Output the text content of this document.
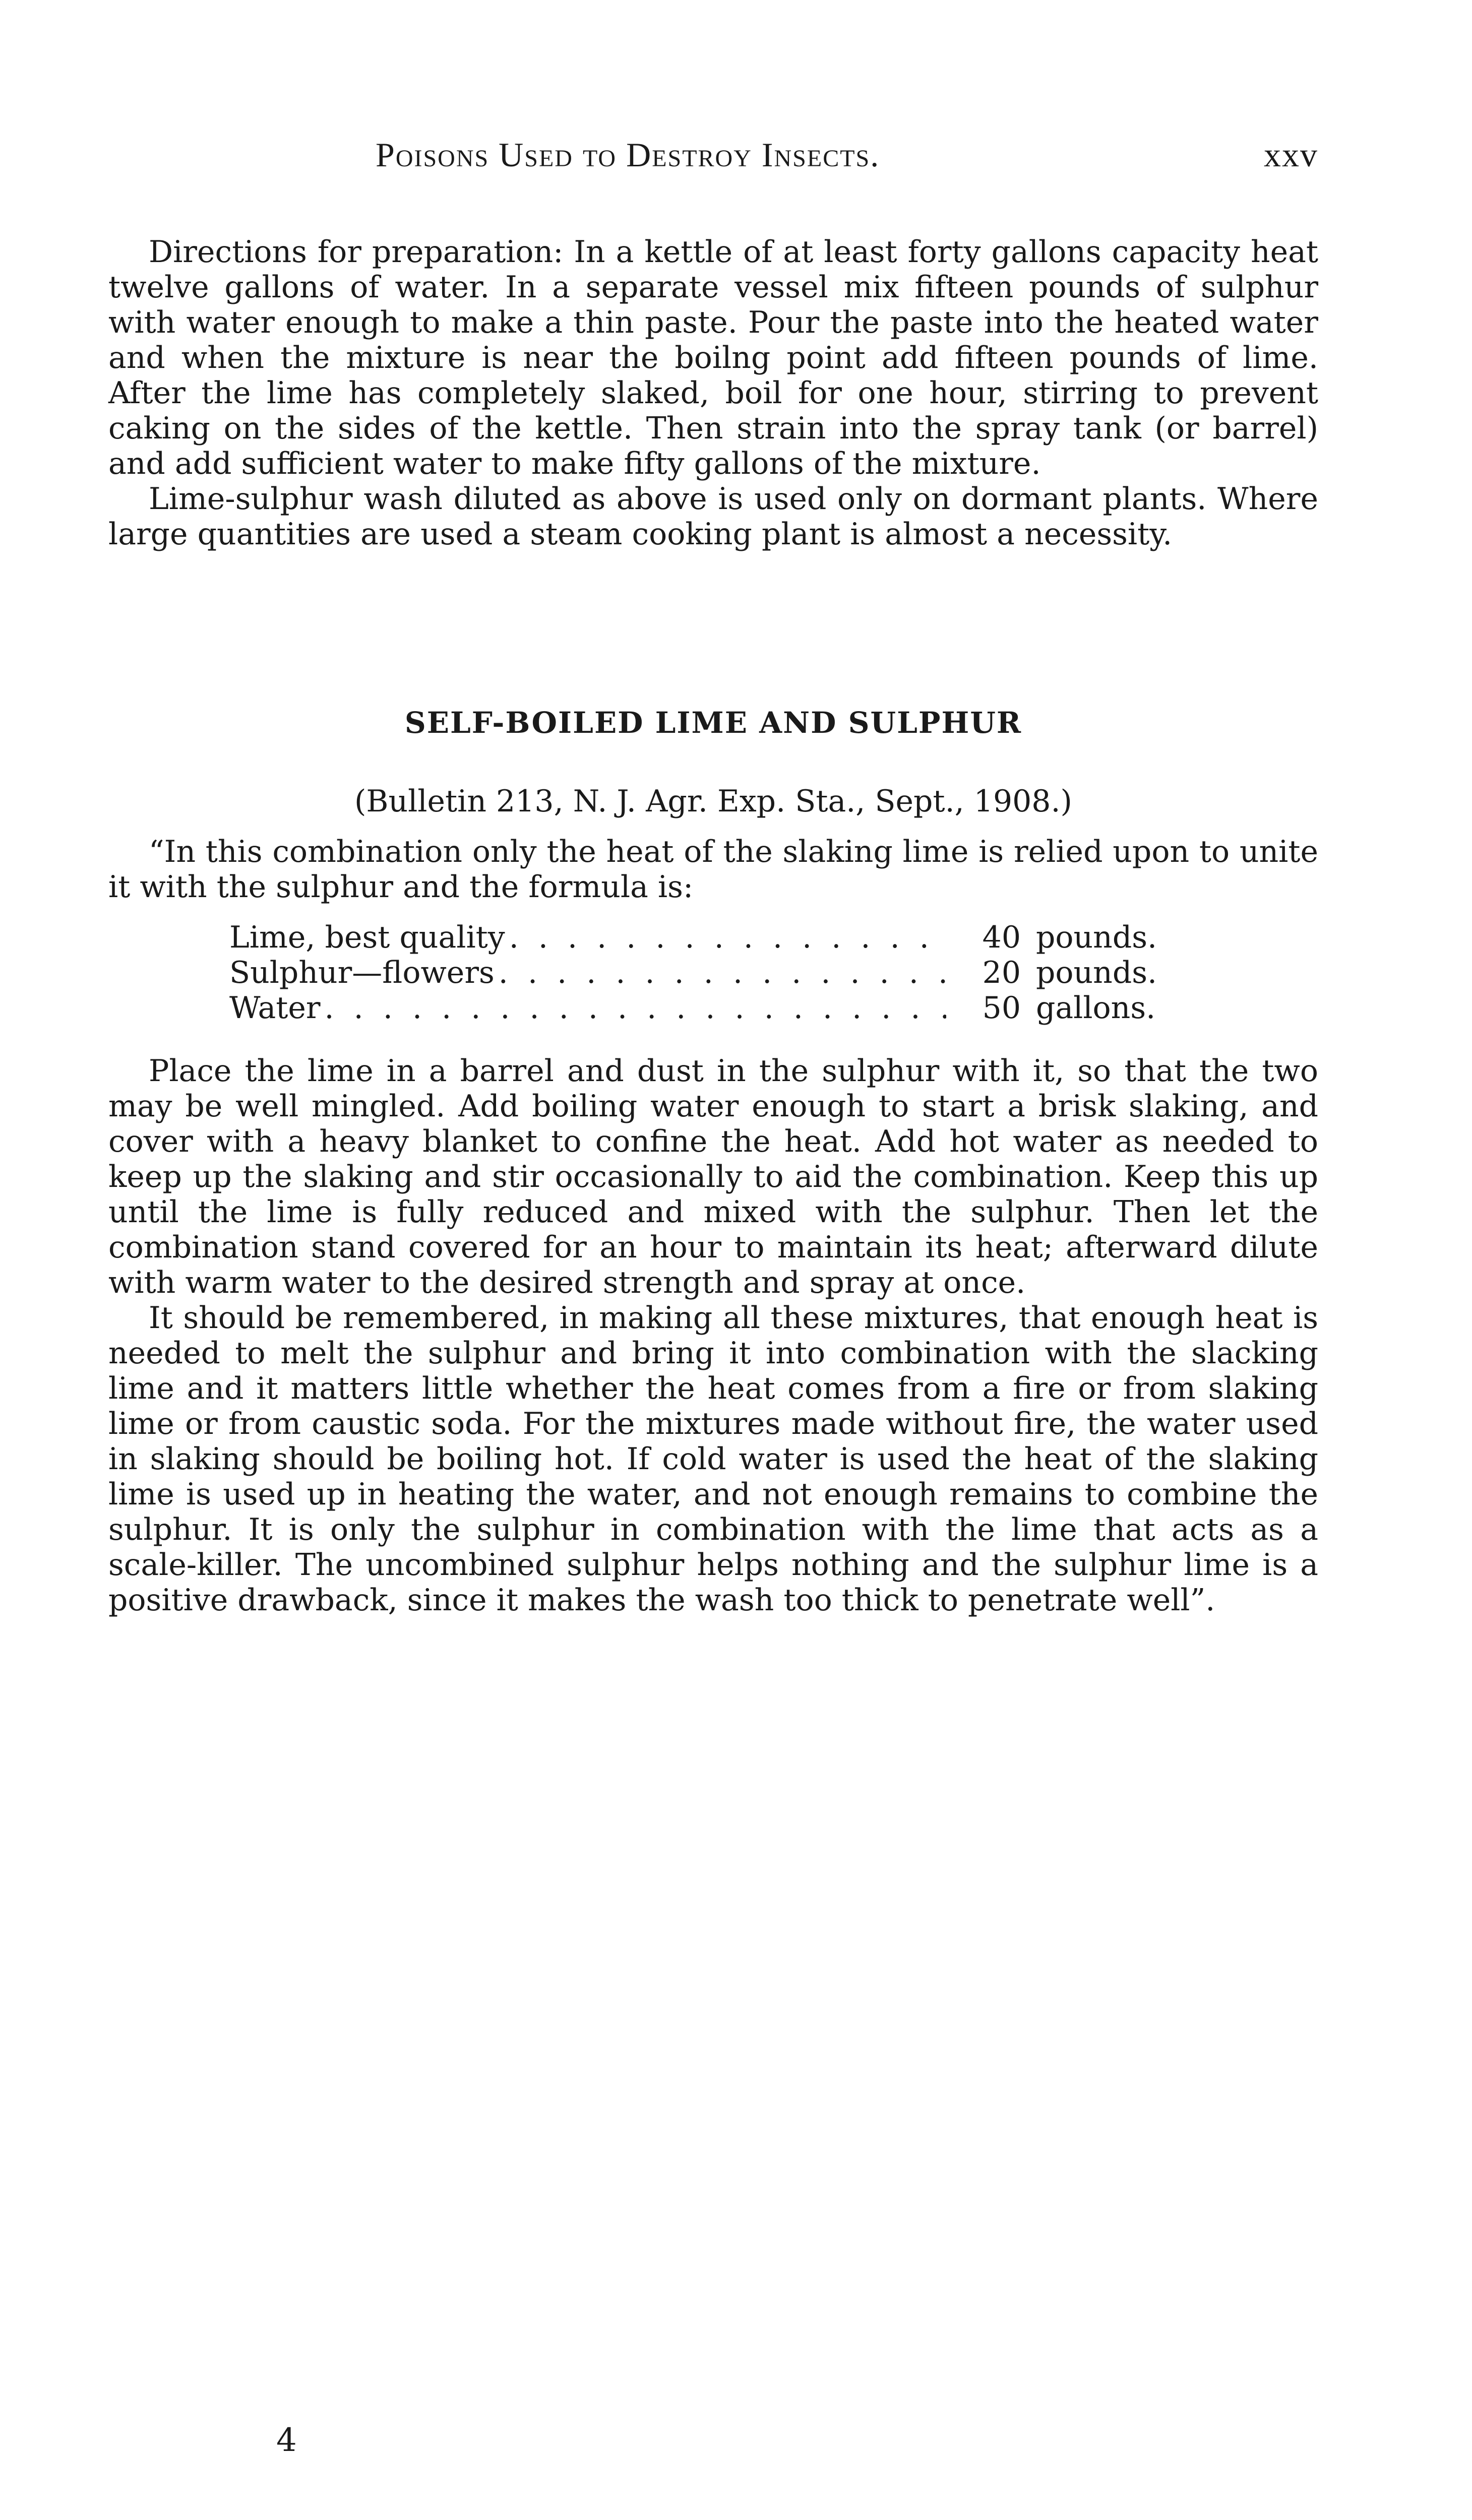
Poisons Used to Destroy Insects.	xxv

Directions for preparation: In a kettle of at least forty gallons capacity heat twelve gallons of water. In a separate vessel mix fifteen pounds of sulphur with water enough to make a thin paste. Pour the paste into the heated water and when the mixture is near the boilng point add fifteen pounds of lime. After the lime has completely slaked, boil for one hour, stirring to prevent caking on the sides of the kettle. Then strain into the spray tank (or barrel) and add sufficient water to make fifty gallons of the mixture.

Lime-sulphur wash diluted as above is used only on dormant plants. Where large quantities are used a steam cooking plant is almost a necessity.

SELF-BOILED LIME AND SULPHUR

(Bulletin 213, N. J. Agr. Exp. Sta., Sept., 1908.)

“In this combination only the heat of the slaking lime is relied upon to unite it with the sulphur and the formula is:

Lime, best quality . . .	40 pounds.
Sulphur—flowers . . .	20 pounds.
Water . . .	50 gallons.

Place the lime in a barrel and dust in the sulphur with it, so that the two may be well mingled. Add boiling water enough to start a brisk slaking, and cover with a heavy blanket to confine the heat. Add hot water as needed to keep up the slaking and stir occasionally to aid the combination. Keep this up until the lime is fully reduced and mixed with the sulphur. Then let the combination stand covered for an hour to maintain its heat; afterward dilute with warm water to the desired strength and spray at once.

It should be remembered, in making all these mixtures, that enough heat is needed to melt the sulphur and bring it into combination with the slacking lime and it matters little whether the heat comes from a fire or from slaking lime or from caustic soda. For the mixtures made without fire, the water used in slaking should be boiling hot. If cold water is used the heat of the slaking lime is used up in heating the water, and not enough remains to combine the sulphur. It is only the sulphur in combination with the lime that acts as a scale-killer. The uncombined sulphur helps nothing and the sulphur lime is a positive drawback, since it makes the wash too thick to penetrate well”.

4
